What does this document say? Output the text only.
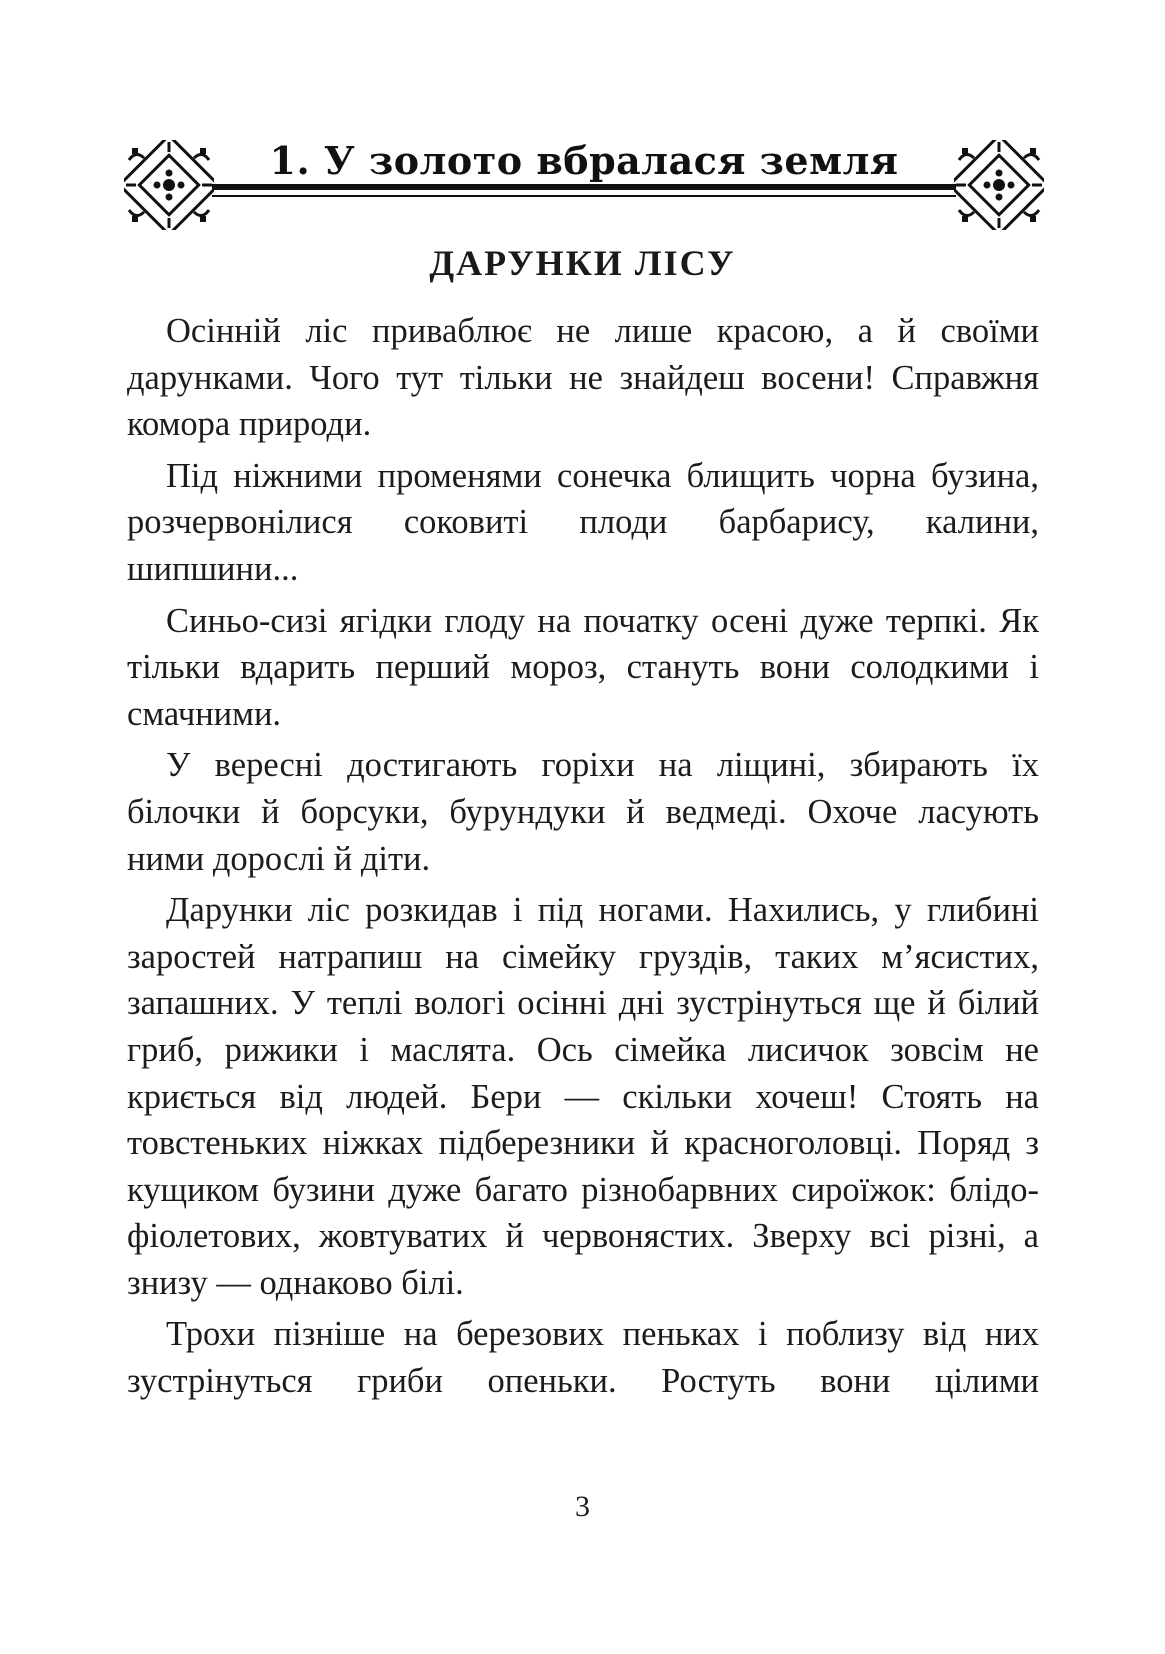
1. У золото вбралася земля
ДАРУНКИ ЛІСУ

Осінній ліс приваблює не лише красою, а й своїми дарунками. Чого тут тільки не знайдеш восени! Справжня комора природи.

Під ніжними променями сонечка блищить чорна бузина, розчервонілися соковиті плоди барбарису, калини, шипшини...

Синьо-сизі ягідки глоду на початку осені дуже терпкі. Як тільки вдарить перший мороз, стануть вони солодкими і смачними.

У вересні достигають горіхи на ліщині, збирають їх білочки й борсуки, бурундуки й ведмеді. Охоче ласують ними дорослі й діти.

Дарунки ліс розкидав і під ногами. Нахились, у глибині заростей натрапиш на сімейку груздів, таких м’ясистих, запашних. У теплі вологі осінні дні зустрінуться ще й білий гриб, рижики і маслята. Ось сімейка лисичок зовсім не криється від людей. Бери — скільки хочеш! Стоять на товстеньких ніжках підберезники й красноголовці. Поряд з кущиком бузини дуже багато різнобарвних сироїжок: блідо-фіолетових, жовтуватих й червонястих. Зверху всі різні, а знизу — однаково білі.

Трохи пізніше на березових пеньках і поблизу від них зустрінуться гриби опеньки. Ростуть вони цілими

3
